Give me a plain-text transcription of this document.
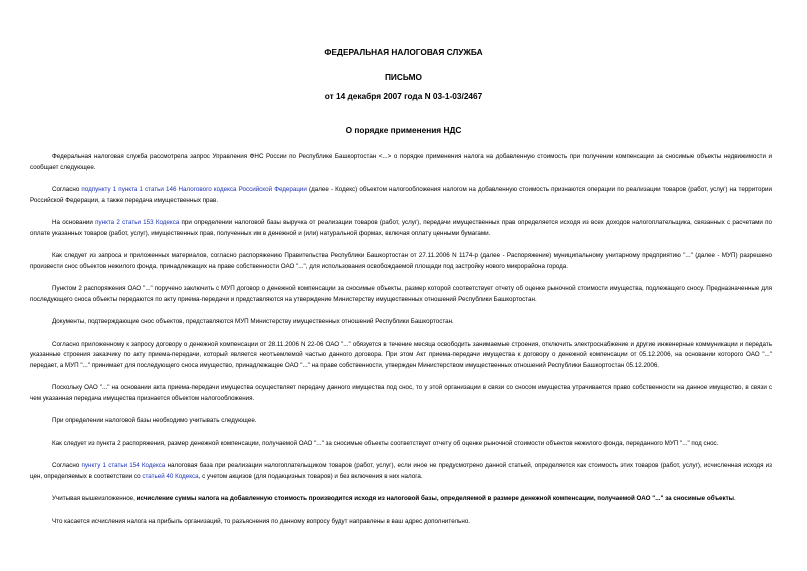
ФЕДЕРАЛЬНАЯ НАЛОГОВАЯ СЛУЖБА
ПИСЬМО
от 14 декабря 2007 года N 03-1-03/2467
О порядке применения НДС

Федеральная налоговая служба рассмотрела запрос Управления ФНС России по Республике Башкортостан <...> о порядке применения налога на добавленную стоимость при получении компенсации за сносимые объекты недвижимости и сообщает следующее.

Согласно подпункту 1 пункта 1 статьи 146 Налогового кодекса Российской Федерации (далее - Кодекс) объектом налогообложения налогом на добавленную стоимость признаются операции по реализации товаров (работ, услуг) на территории Российской Федерации, а также передача имущественных прав.

На основании пункта 2 статьи 153 Кодекса при определении налоговой базы выручка от реализации товаров (работ, услуг), передачи имущественных прав определяется исходя из всех доходов налогоплательщика, связанных с расчетами по оплате указанных товаров (работ, услуг), имущественных прав, полученных им в денежной и (или) натуральной формах, включая оплату ценными бумагами.

Как следует из запроса и приложенных материалов, согласно распоряжению Правительства Республики Башкортостан от 27.11.2006 N 1174-р (далее - Распоряжение) муниципальному унитарному предприятию "..." (далее - МУП) разрешено произвести снос объектов нежилого фонда, принадлежащих на праве собственности ОАО "...", для использования освобождаемой площади под застройку нового микрорайона города.

Пунктом 2 распоряжения ОАО "..." поручено заключить с МУП договор о денежной компенсации за сносимые объекты, размер которой соответствует отчету об оценке рыночной стоимости имущества, подлежащего сносу. Предназначенные для последующего сноса объекты передаются по акту приема-передачи и представляются на утверждение Министерству имущественных отношений Республики Башкортостан.

Документы, подтверждающие снос объектов, представляются МУП Министерству имущественных отношений Республики Башкортостан.

Согласно приложенному к запросу договору о денежной компенсации от 28.11.2006 N 22-06 ОАО "..." обязуется в течение месяца освободить занимаемые строения, отключить электроснабжение и другие инженерные коммуникации и передать указанные строения заказчику по акту приема-передачи, который является неотъемлемой частью данного договора. При этом Акт приема-передачи имущества к договору о денежной компенсации от 05.12.2006, на основании которого ОАО "..." передает, а МУП "..." принимает для последующего сноса имущество, принадлежащее ОАО "..." на праве собственности, утвержден Министерством имущественных отношений Республики Башкортостан 05.12.2006.

Поскольку ОАО "..." на основании акта приема-передачи имущества осуществляет передачу данного имущества под снос, то у этой организации в связи со сносом имущества утрачивается право собственности на данное имущество, в связи с чем указанная передача имущества признается объектом налогообложения.

При определении налоговой базы необходимо учитывать следующее.

Как следует из пункта 2 распоряжения, размер денежной компенсации, получаемой ОАО "..." за сносимые объекты соответствует отчету об оценке рыночной стоимости объектов нежилого фонда, переданного МУП "..." под снос.

Согласно пункту 1 статьи 154 Кодекса налоговая база при реализации налогоплательщиком товаров (работ, услуг), если иное не предусмотрено данной статьей, определяется как стоимость этих товаров (работ, услуг), исчисленная исходя из цен, определяемых в соответствии со статьей 40 Кодекса, с учетом акцизов (для подакцизных товаров) и без включения в них налога.

Учитывая вышеизложенное, исчисление суммы налога на добавленную стоимость производится исходя из налоговой базы, определяемой в размере денежной компенсации, получаемой ОАО "..." за сносимые объекты.

Что касается исчисления налога на прибыль организаций, то разъяснения по данному вопросу будут направлены в ваш адрес дополнительно.
